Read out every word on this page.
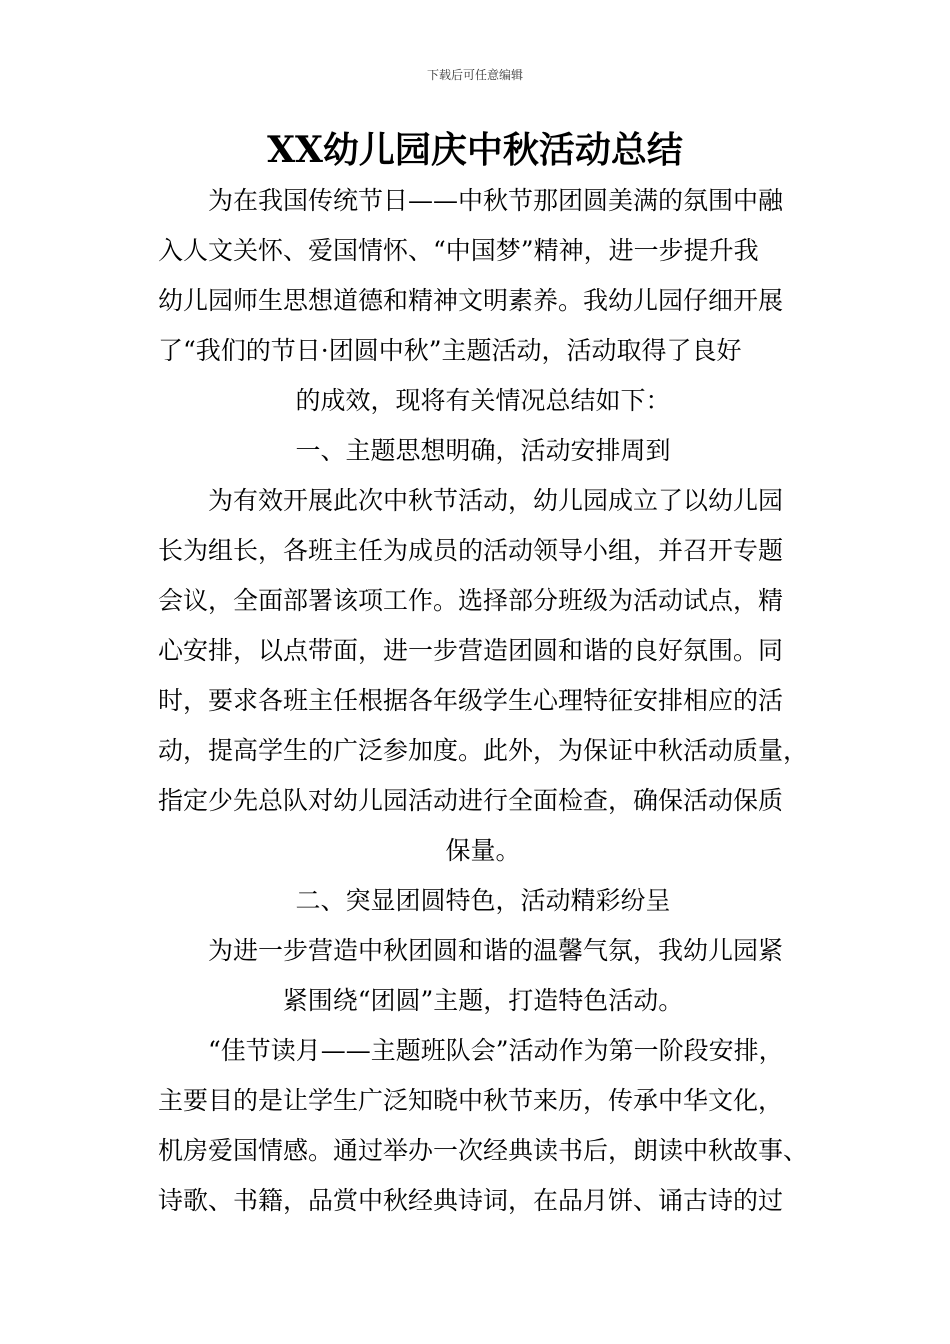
下载后可任意编辑
XX幼儿园庆中秋活动总结
为在我国传统节日——中秋节那团圆美满的氛围中融
入人文关怀、爱国情怀、“中国梦”精神，进一步提升我
幼儿园师生思想道德和精神文明素养。我幼儿园仔细开展
了“我们的节日·团圆中秋”主题活动，活动取得了良好
的成效，现将有关情况总结如下：
一、主题思想明确，活动安排周到
为有效开展此次中秋节活动，幼儿园成立了以幼儿园
长为组长，各班主任为成员的活动领导小组，并召开专题
会议，全面部署该项工作。选择部分班级为活动试点，精
心安排，以点带面，进一步营造团圆和谐的良好氛围。同
时，要求各班主任根据各年级学生心理特征安排相应的活
动，提高学生的广泛参加度。此外，为保证中秋活动质量，
指定少先总队对幼儿园活动进行全面检查，确保活动保质
保量。
二、突显团圆特色，活动精彩纷呈
为进一步营造中秋团圆和谐的温馨气氛，我幼儿园紧
紧围绕“团圆”主题，打造特色活动。
“佳节读月——主题班队会”活动作为第一阶段安排，
主要目的是让学生广泛知晓中秋节来历，传承中华文化，
机房爱国情感。通过举办一次经典读书后，朗读中秋故事、
诗歌、书籍，品赏中秋经典诗词，在品月饼、诵古诗的过
